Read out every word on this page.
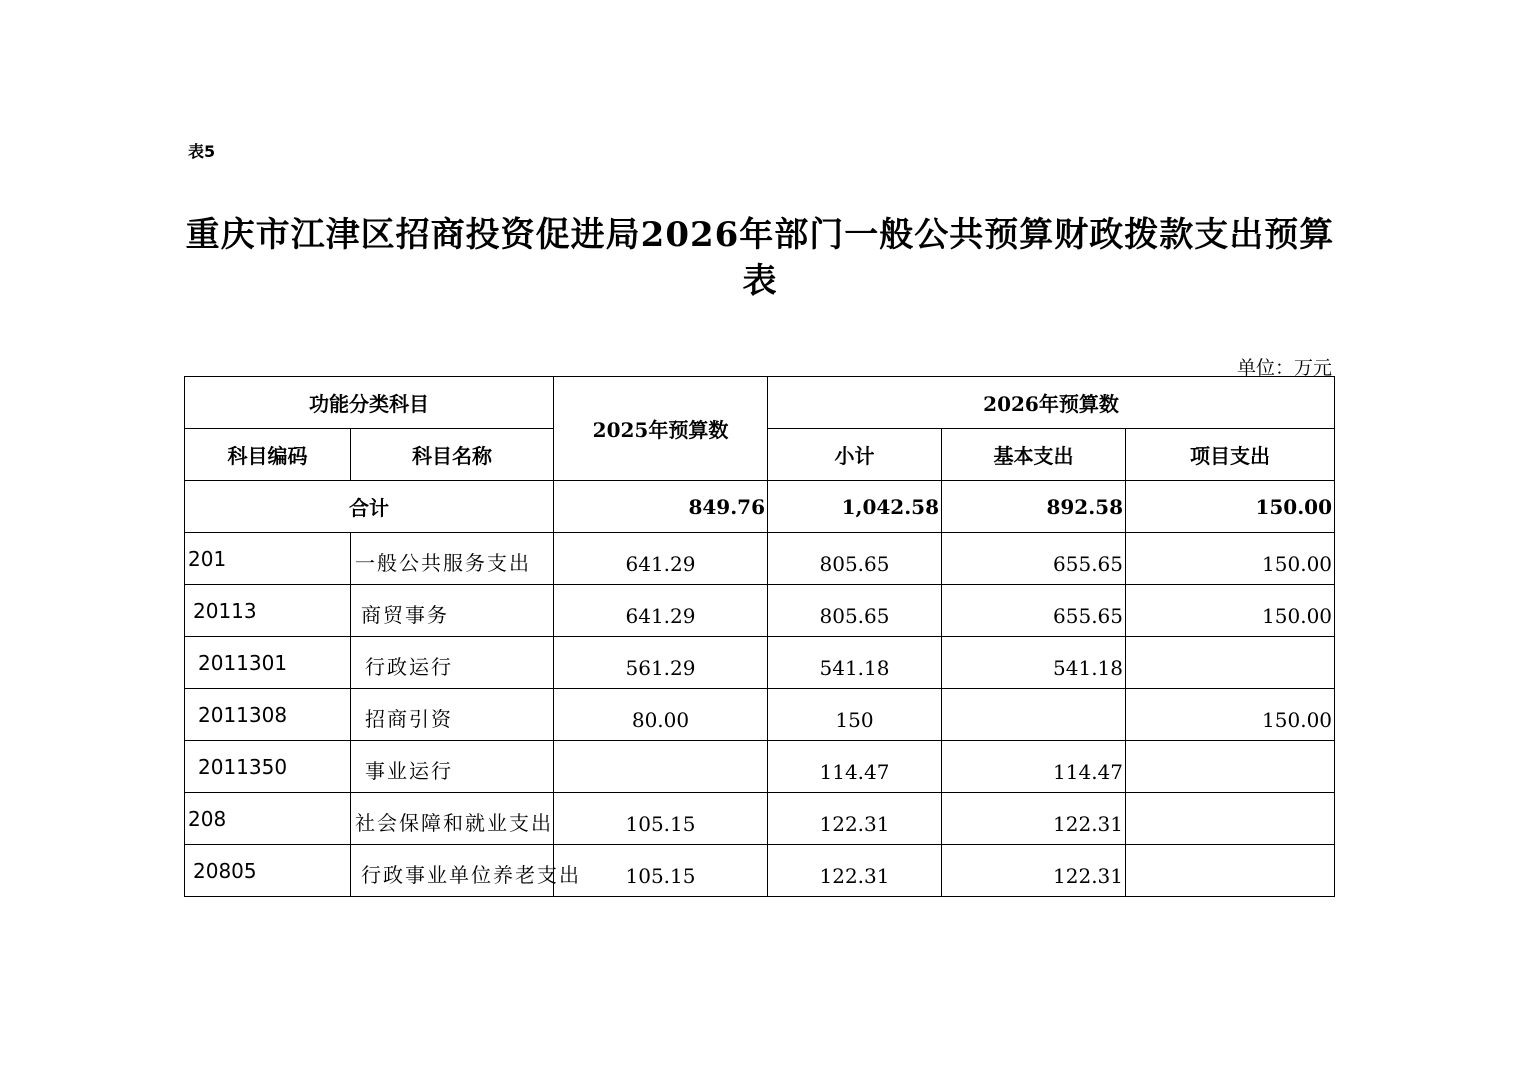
表5
重庆市江津区招商投资促进局2026年部门一般公共预算财政拨款支出预算表
单位：万元
功能分类科目		2025年预算数	2026年预算数		
科目编码	科目名称		小计	基本支出	项目支出
合计		849.76	1,042.58	892.58	150.00
201	一般公共服务支出	641.29	805.65	655.65	150.00
20113	商贸事务	641.29	805.65	655.65	150.00
2011301	行政运行	561.29	541.18	541.18	
2011308	招商引资	80.00	150		150.00
2011350	事业运行		114.47	114.47	
208	社会保障和就业支出	105.15	122.31	122.31	
20805	行政事业单位养老支出	105.15	122.31	122.31	
